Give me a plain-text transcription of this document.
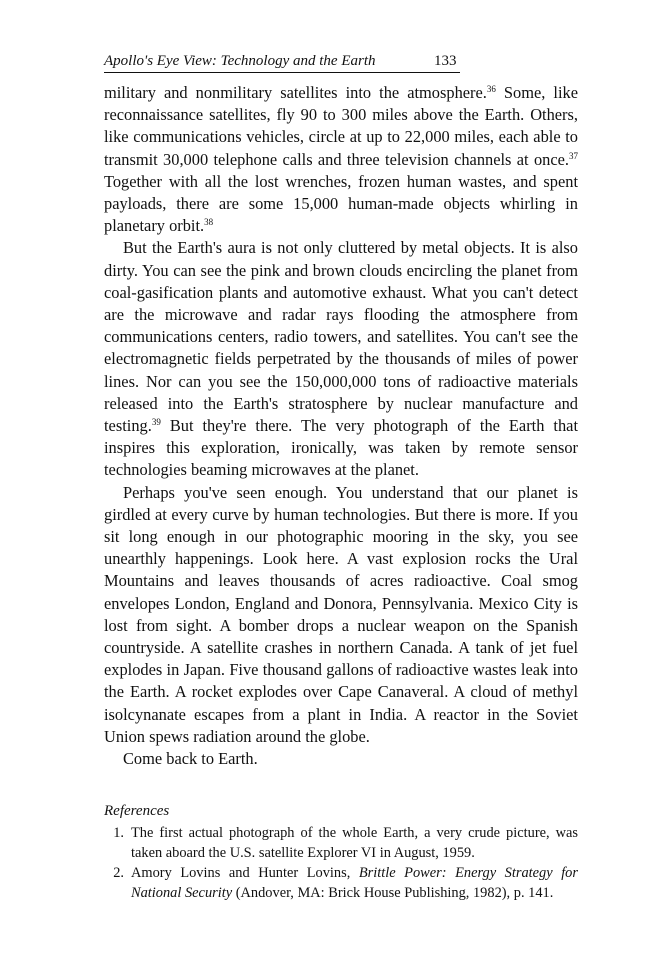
Apollo's Eye View: Technology and the Earth	133

military and nonmilitary satellites into the atmosphere.$^{36}$ Some, like reconnaissance satellites, fly 90 to 300 miles above the Earth. Others, like communications vehicles, circle at up to 22,000 miles, each able to transmit 30,000 telephone calls and three television channels at once.$^{37}$ Together with all the lost wrenches, frozen human wastes, and spent payloads, there are some 15,000 human-made objects whirling in planetary orbit.$^{38}$

But the Earth's aura is not only cluttered by metal objects. It is also dirty. You can see the pink and brown clouds encircling the planet from coal-gasification plants and automotive exhaust. What you can't detect are the microwave and radar rays flooding the atmosphere from communications centers, radio towers, and satellites. You can't see the electromagnetic fields perpetrated by the thousands of miles of power lines. Nor can you see the 150,000,000 tons of radioactive materials released into the Earth's stratosphere by nuclear manufacture and testing.$^{39}$ But they're there. The very photograph of the Earth that inspires this exploration, ironically, was taken by remote sensor technologies beaming microwaves at the planet.

Perhaps you've seen enough. You understand that our planet is girdled at every curve by human technologies. But there is more. If you sit long enough in our photographic mooring in the sky, you see unearthly happenings. Look here. A vast explosion rocks the Ural Mountains and leaves thousands of acres radioactive. Coal smog envelopes London, England and Donora, Pennsylvania. Mexico City is lost from sight. A bomber drops a nuclear weapon on the Spanish countryside. A satellite crashes in northern Canada. A tank of jet fuel explodes in Japan. Five thousand gallons of radioactive wastes leak into the Earth. A rocket explodes over Cape Canaveral. A cloud of methyl isolcynanate escapes from a plant in India. A reactor in the Soviet Union spews radiation around the globe.

Come back to Earth.

References
1. The first actual photograph of the whole Earth, a very crude picture, was taken aboard the U.S. satellite Explorer VI in August, 1959.
2. Amory Lovins and Hunter Lovins, Brittle Power: Energy Strategy for National Security (Andover, MA: Brick House Publishing, 1982), p. 141.
